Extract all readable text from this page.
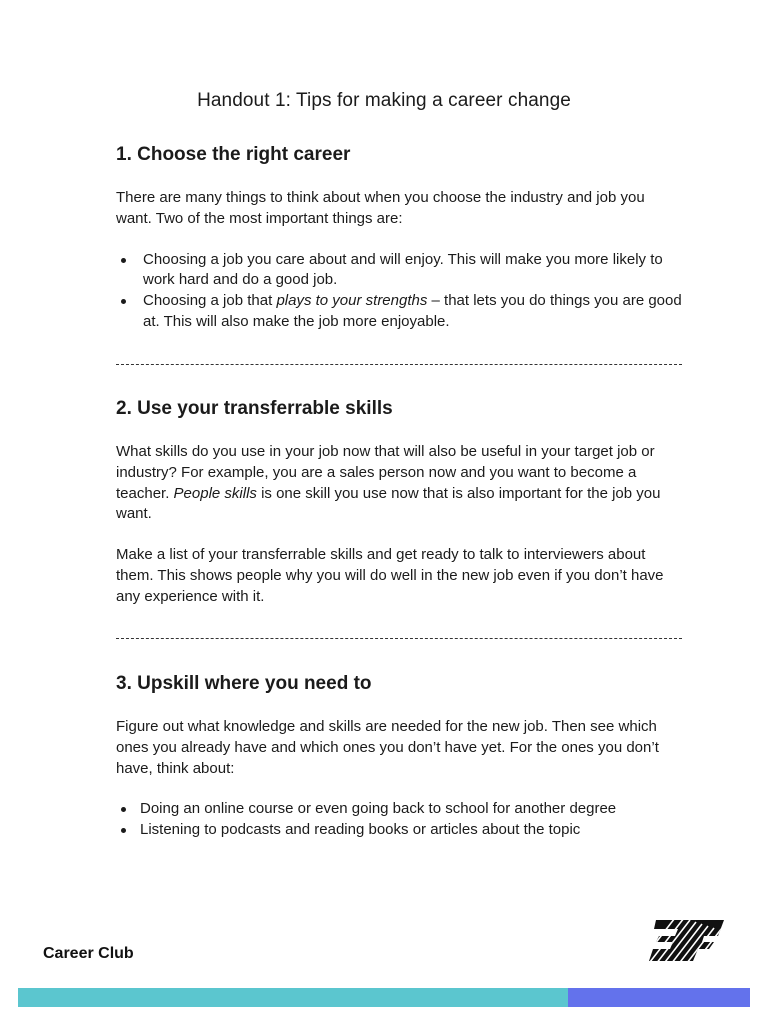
Handout 1: Tips for making a career change
1. Choose the right career

There are many things to think about when you choose the industry and job you want. Two of the most important things are:

Choosing a job you care about and will enjoy. This will make you more likely to work hard and do a good job.
Choosing a job that plays to your strengths – that lets you do things you are good at. This will also make the job more enjoyable.
2. Use your transferrable skills

What skills do you use in your job now that will also be useful in your target job or industry? For example, you are a sales person now and you want to become a teacher. People skills is one skill you use now that is also important for the job you want.

Make a list of your transferrable skills and get ready to talk to interviewers about them. This shows people why you will do well in the new job even if you don’t have any experience with it.

3. Upskill where you need to

Figure out what knowledge and skills are needed for the new job. Then see which ones you already have and which ones you don’t have yet. For the ones you don’t have, think about:

Doing an online course or even going back to school for another degree
Listening to podcasts and reading books or articles about the topic
Career Club
